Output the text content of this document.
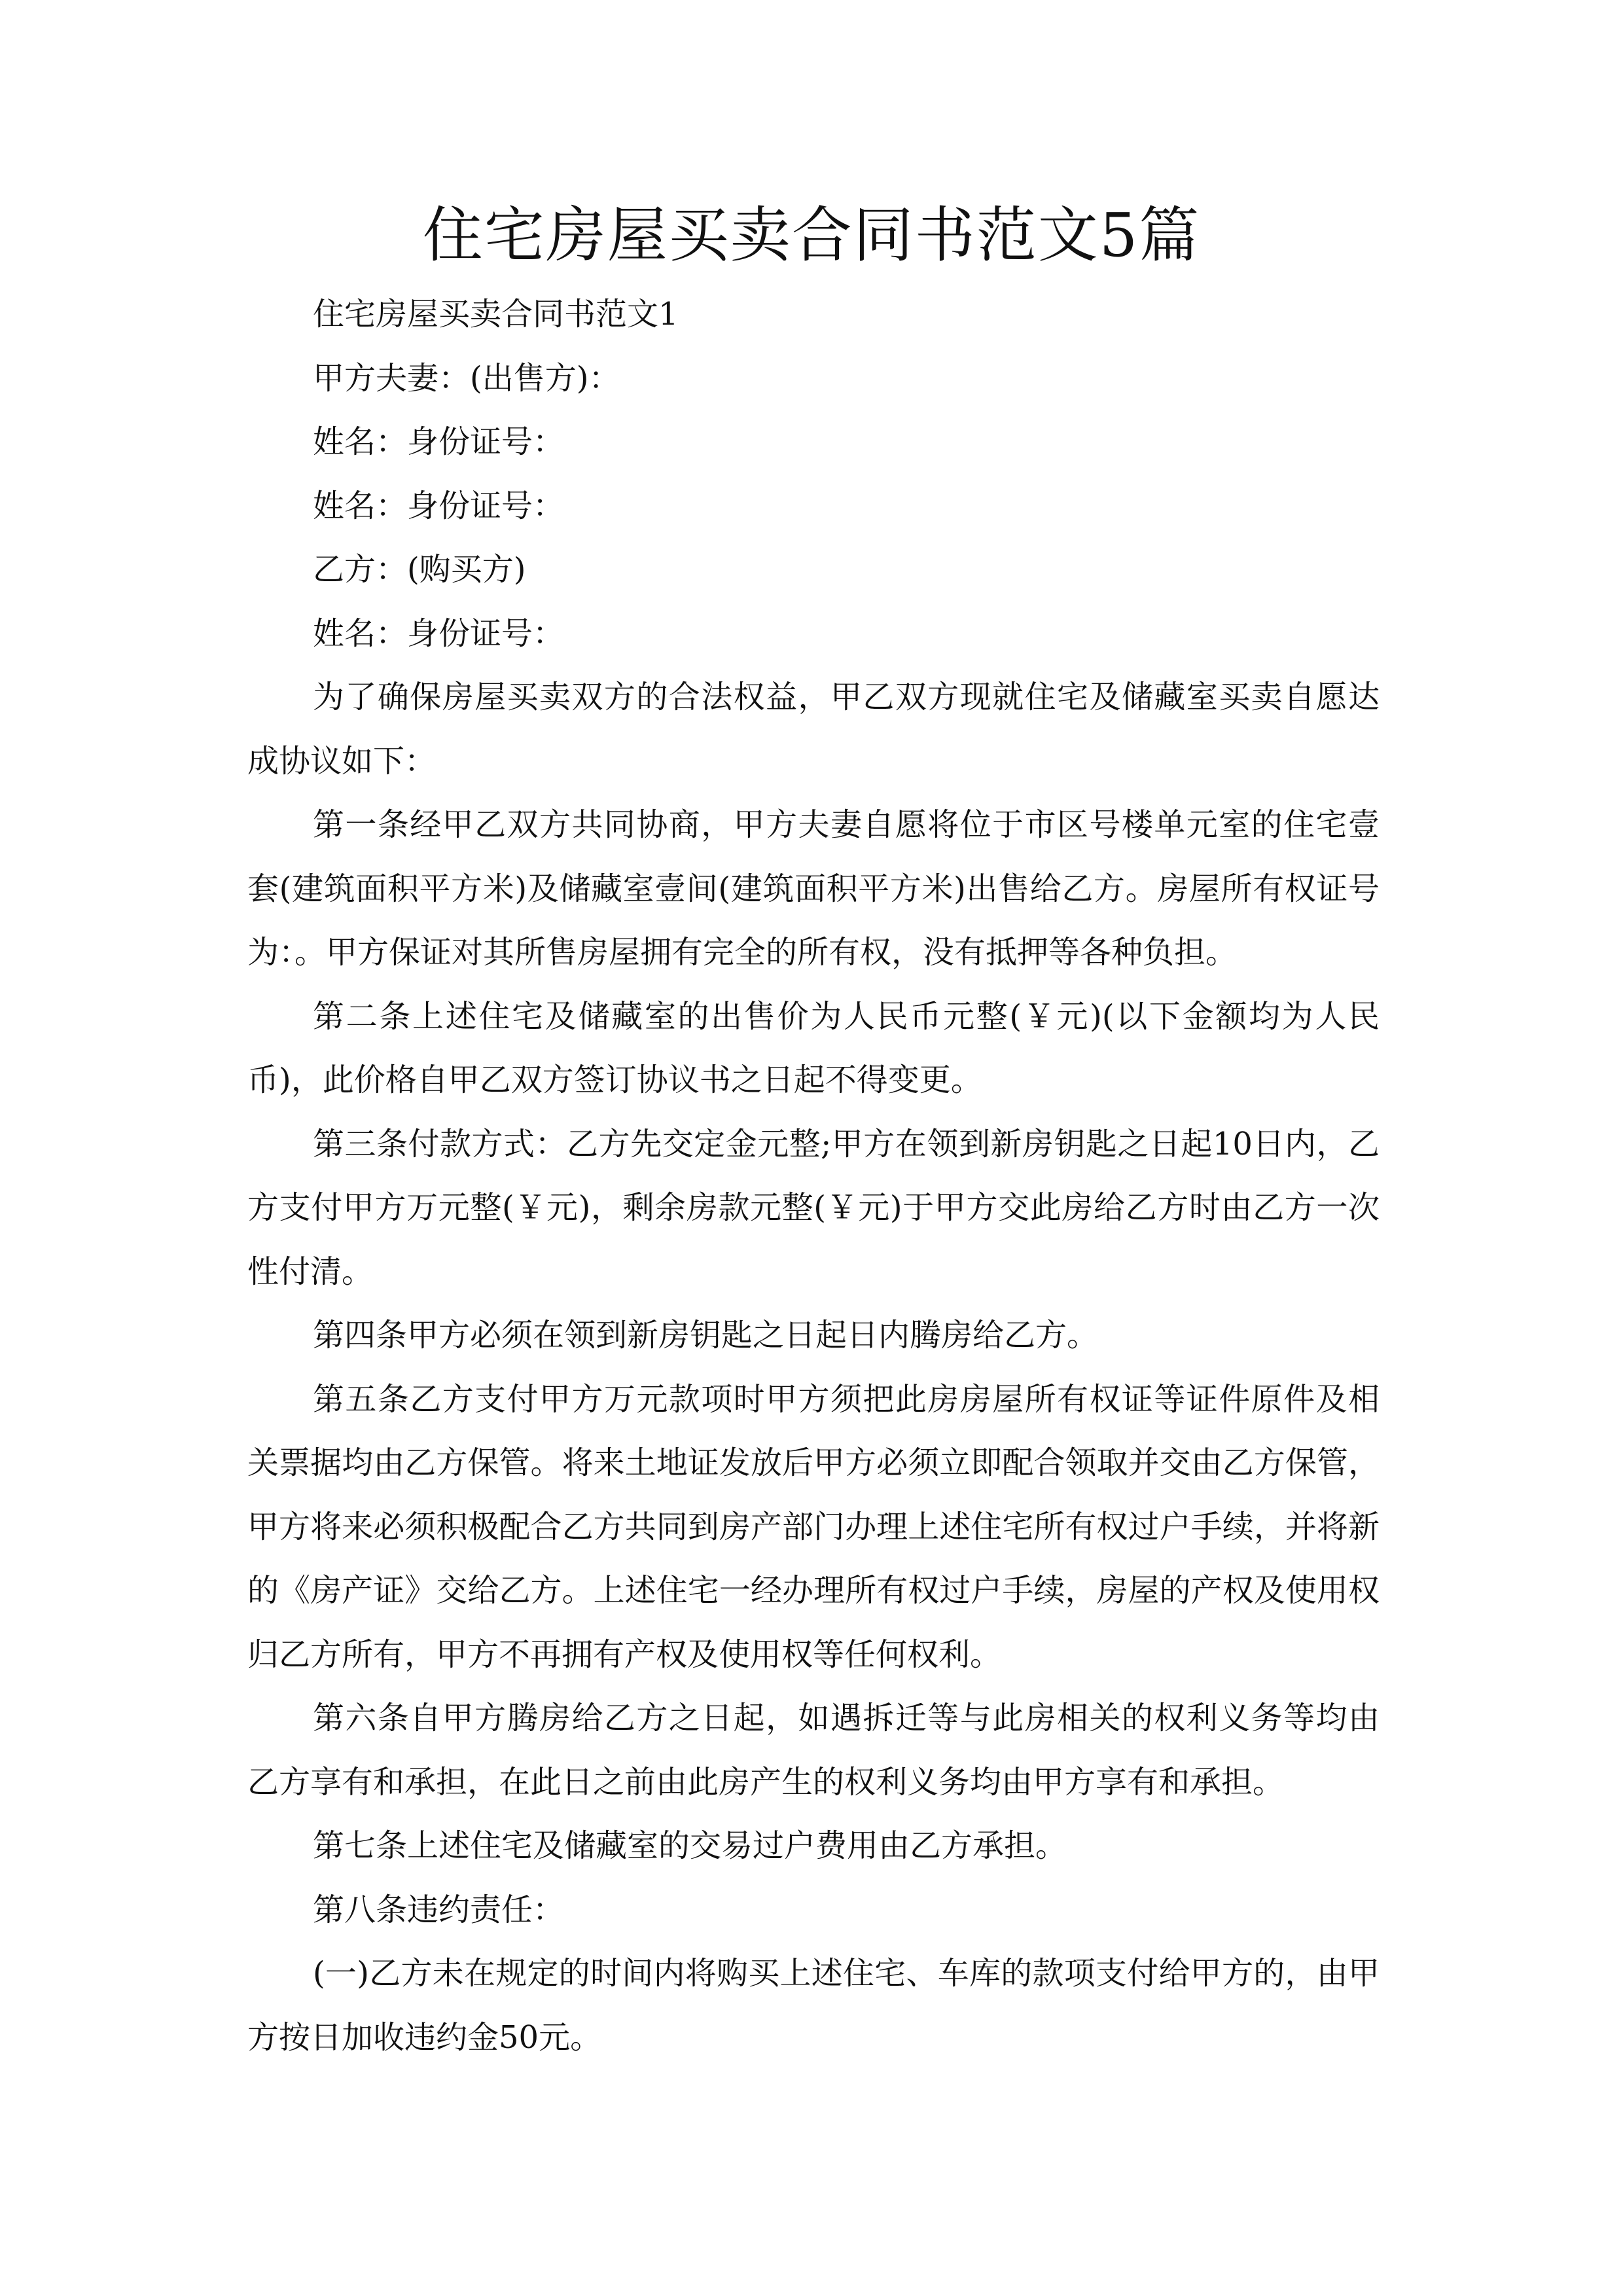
住宅房屋买卖合同书范文5篇

住宅房屋买卖合同书范文1

甲方夫妻：(出售方)：

姓名：身份证号：

姓名：身份证号：

乙方：(购买方)

姓名：身份证号：

为了确保房屋买卖双方的合法权益，甲乙双方现就住宅及储藏室买卖自愿达成协议如下：

第一条经甲乙双方共同协商，甲方夫妻自愿将位于市区号楼单元室的住宅壹套(建筑面积平方米)及储藏室壹间(建筑面积平方米)出售给乙方。房屋所有权证号为：。甲方保证对其所售房屋拥有完全的所有权，没有抵押等各种负担。

第二条上述住宅及储藏室的出售价为人民币元整(￥元)(以下金额均为人民币)，此价格自甲乙双方签订协议书之日起不得变更。

第三条付款方式：乙方先交定金元整;甲方在领到新房钥匙之日起10日内，乙方支付甲方万元整(￥元)，剩余房款元整(￥元)于甲方交此房给乙方时由乙方一次性付清。

第四条甲方必须在领到新房钥匙之日起日内腾房给乙方。

第五条乙方支付甲方万元款项时甲方须把此房房屋所有权证等证件原件及相关票据均由乙方保管。将来土地证发放后甲方必须立即配合领取并交由乙方保管，甲方将来必须积极配合乙方共同到房产部门办理上述住宅所有权过户手续，并将新的《房产证》交给乙方。上述住宅一经办理所有权过户手续，房屋的产权及使用权归乙方所有，甲方不再拥有产权及使用权等任何权利。

第六条自甲方腾房给乙方之日起，如遇拆迁等与此房相关的权利义务等均由乙方享有和承担，在此日之前由此房产生的权利义务均由甲方享有和承担。

第七条上述住宅及储藏室的交易过户费用由乙方承担。

第八条违约责任：

(一)乙方未在规定的时间内将购买上述住宅、车库的款项支付给甲方的，由甲方按日加收违约金50元。
